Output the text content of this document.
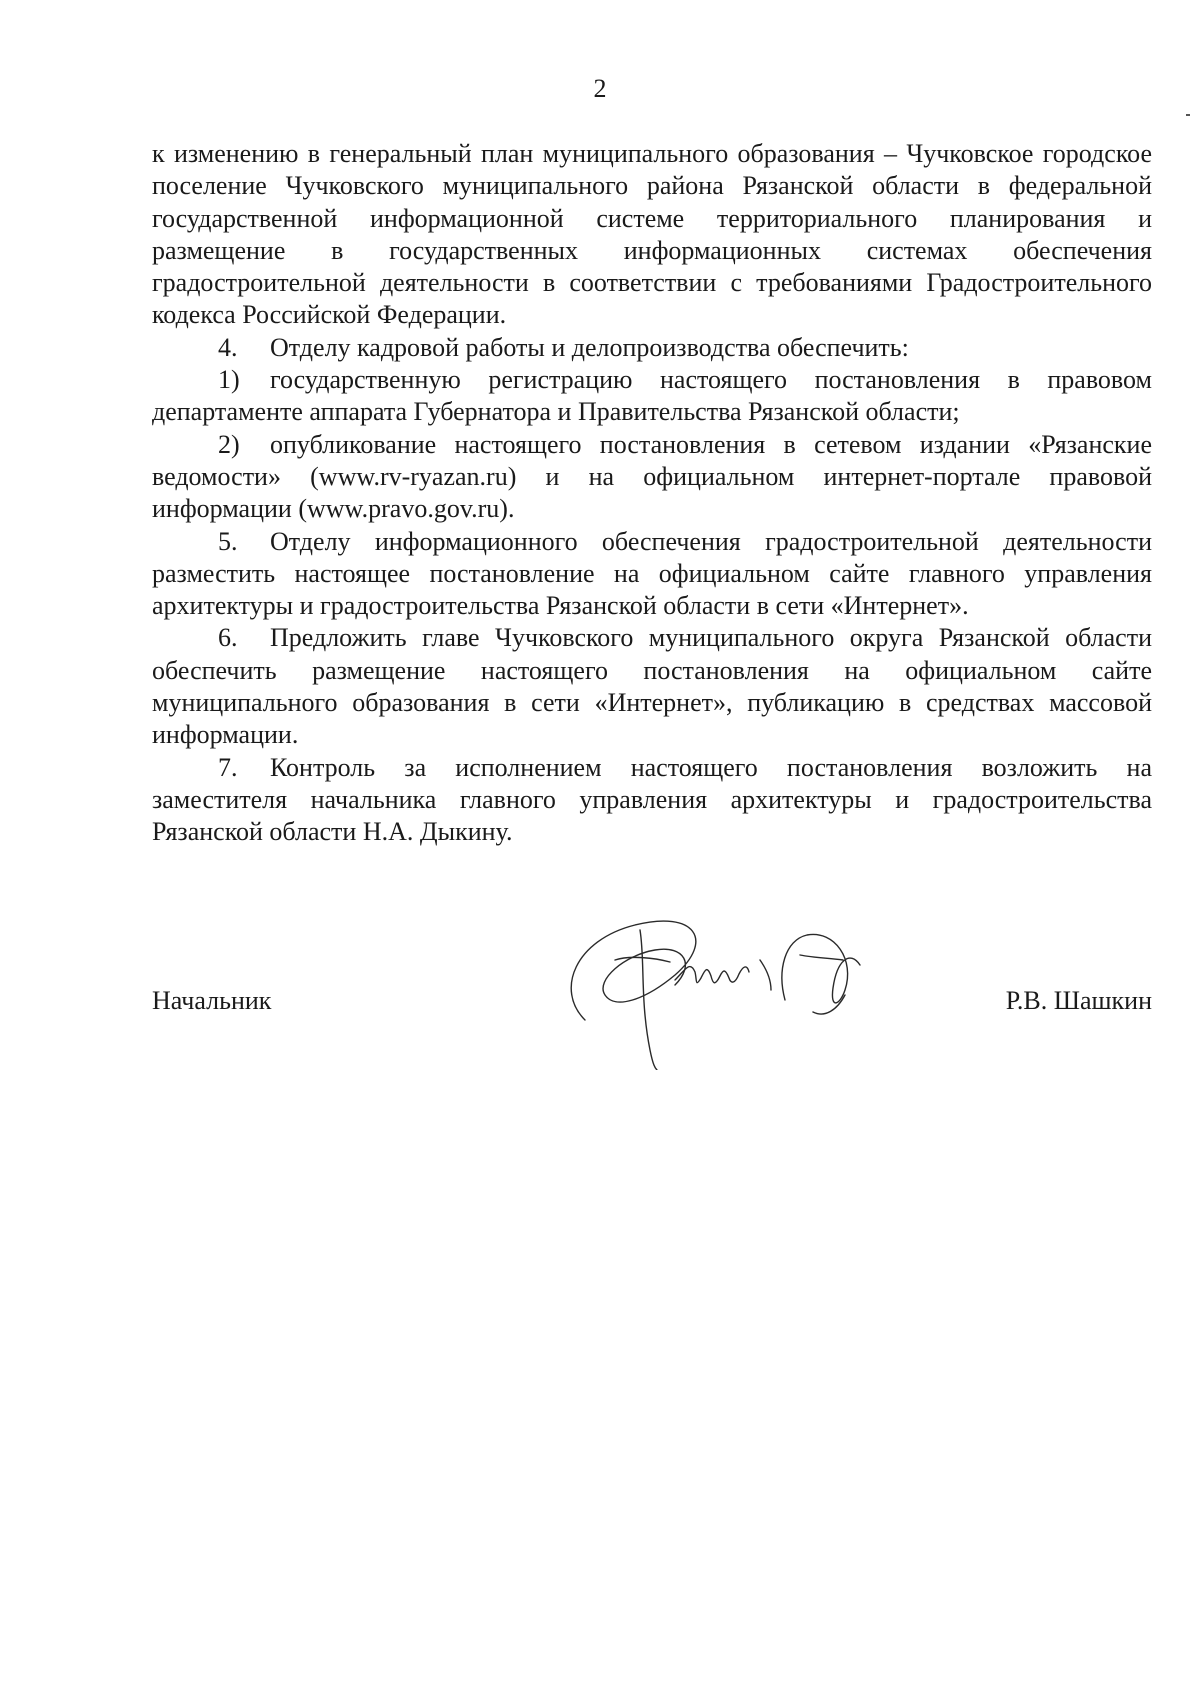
2

к изменению в генеральный план муниципального образования – Чучковское городское поселение Чучковского муниципального района Рязанской области в федеральной государственной информационной системе территориального планирования и размещение в государственных информационных системах обеспечения градостроительной деятельности в соответствии с требованиями Градостроительного кодекса Российской Федерации.

4. Отделу кадровой работы и делопроизводства обеспечить:

1) государственную регистрацию настоящего постановления в правовом департаменте аппарата Губернатора и Правительства Рязанской области;

2) опубликование настоящего постановления в сетевом издании «Рязанские ведомости» (www.rv-ryazan.ru) и на официальном интернет-портале правовой информации (www.pravo.gov.ru).

5. Отделу информационного обеспечения градостроительной деятельности разместить настоящее постановление на официальном сайте главного управления архитектуры и градостроительства Рязанской области в сети «Интернет».

6. Предложить главе Чучковского муниципального округа Рязанской области обеспечить размещение настоящего постановления на официальном сайте муниципального образования в сети «Интернет», публикацию в средствах массовой информации.

7. Контроль за исполнением настоящего постановления возложить на заместителя начальника главного управления архитектуры и градостроительства Рязанской области Н.А. Дыкину.

Начальник	Р.В. Шашкин
